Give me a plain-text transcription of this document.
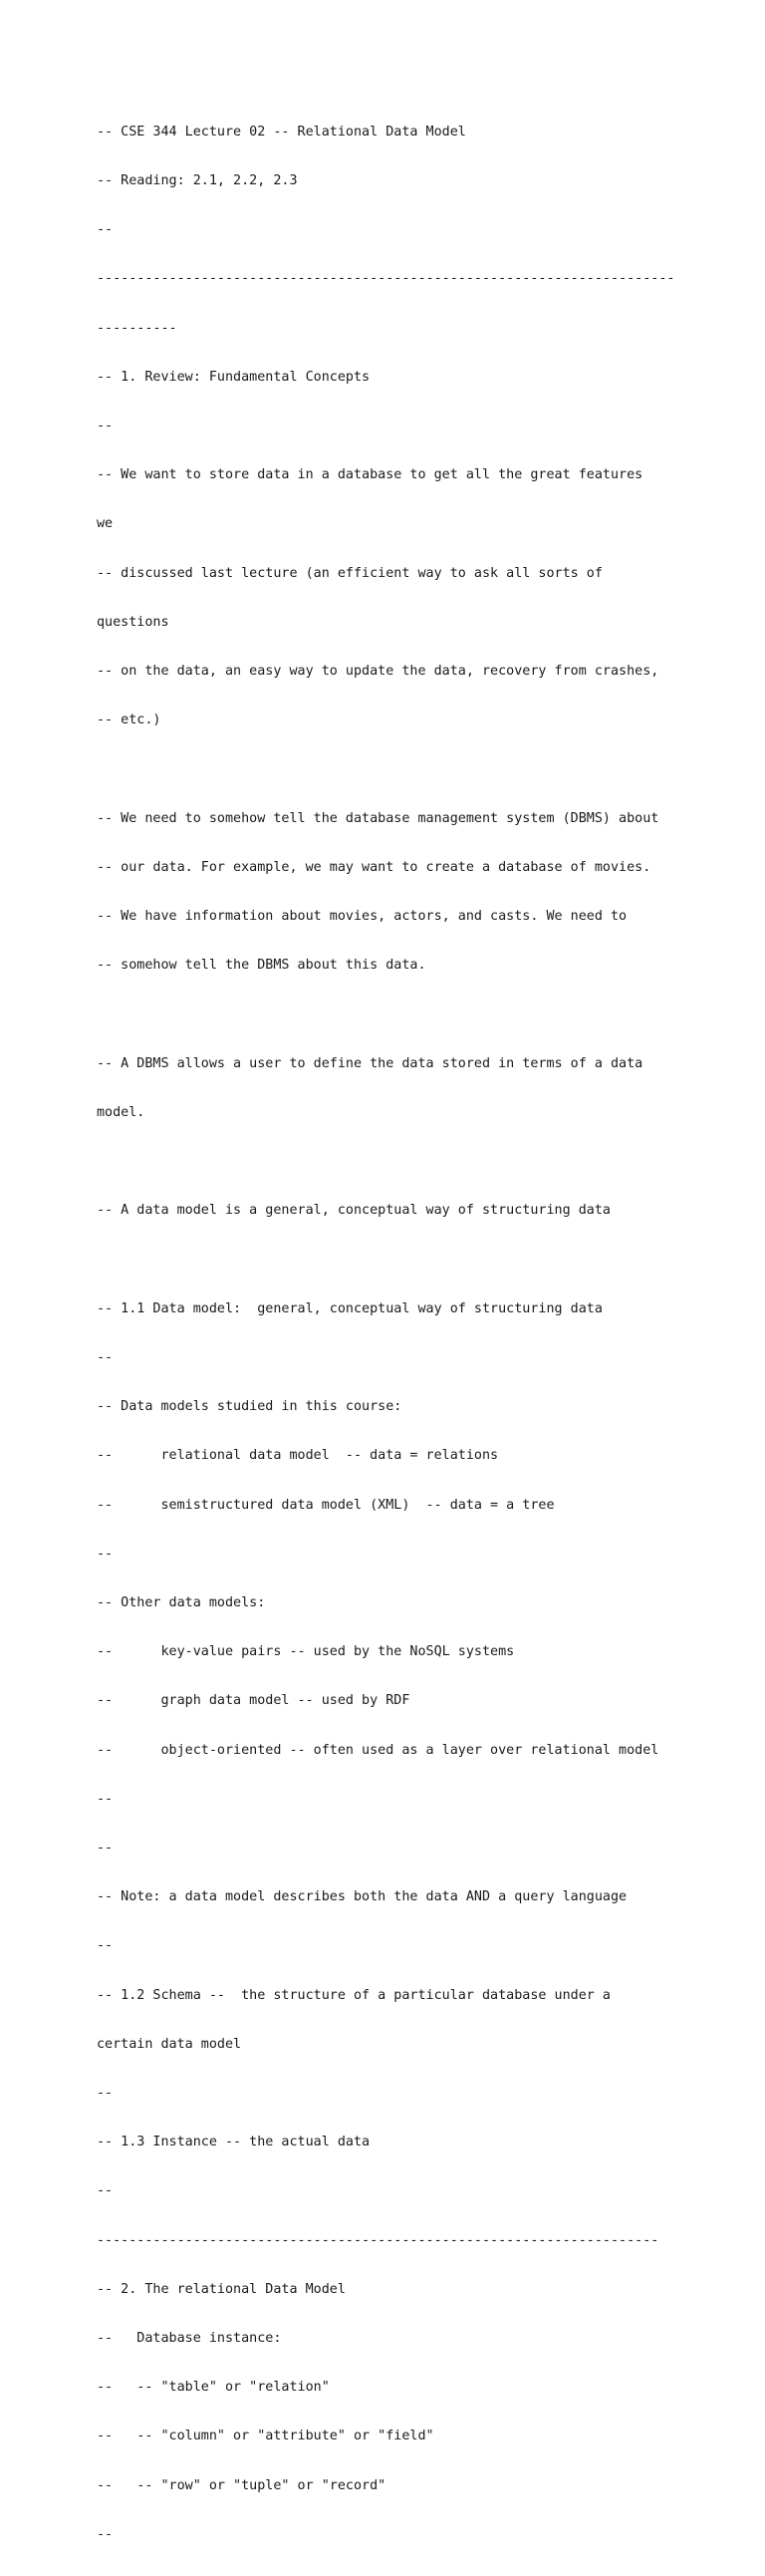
-- CSE 344 Lecture 02 -- Relational Data Model

-- Reading: 2.1, 2.2, 2.3

--

------------------------------------------------------------------------

----------

-- 1. Review: Fundamental Concepts

--

-- We want to store data in a database to get all the great features

we

-- discussed last lecture (an efficient way to ask all sorts of

questions

-- on the data, an easy way to update the data, recovery from crashes,

-- etc.)

-- We need to somehow tell the database management system (DBMS) about

-- our data. For example, we may want to create a database of movies.

-- We have information about movies, actors, and casts. We need to

-- somehow tell the DBMS about this data.

-- A DBMS allows a user to define the data stored in terms of a data

model.

-- A data model is a general, conceptual way of structuring data

-- 1.1 Data model:  general, conceptual way of structuring data

--

-- Data models studied in this course:

--      relational data model  -- data = relations

--      semistructured data model (XML)  -- data = a tree

--

-- Other data models:

--      key-value pairs -- used by the NoSQL systems

--      graph data model -- used by RDF

--      object-oriented -- often used as a layer over relational model

--

--

-- Note: a data model describes both the data AND a query language

--

-- 1.2 Schema --  the structure of a particular database under a

certain data model

--

-- 1.3 Instance -- the actual data

--

----------------------------------------------------------------------

-- 2. The relational Data Model

--   Database instance:

--   -- "table" or "relation"

--   -- "column" or "attribute" or "field"

--   -- "row" or "tuple" or "record"

--
